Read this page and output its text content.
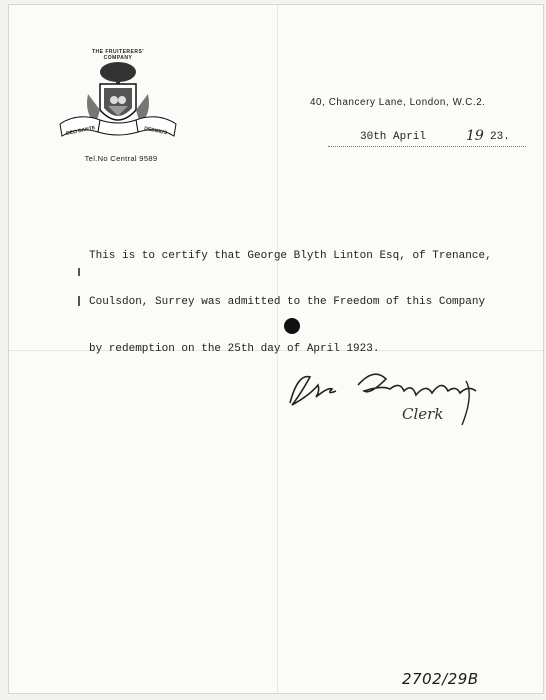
THE FRUITERERS' COMPANY
DEO DANTE	DEDIMUS
Tel.No Central 9589
40, Chancery Lane, London, W.C.2.
30th April	19 23.
This is to certify that George Blyth Linton Esq, of Trenance,
Coulsdon, Surrey was admitted to the Freedom of this Company
by redemption on the 25th day of April 1923.
Clerk
2702/29B
